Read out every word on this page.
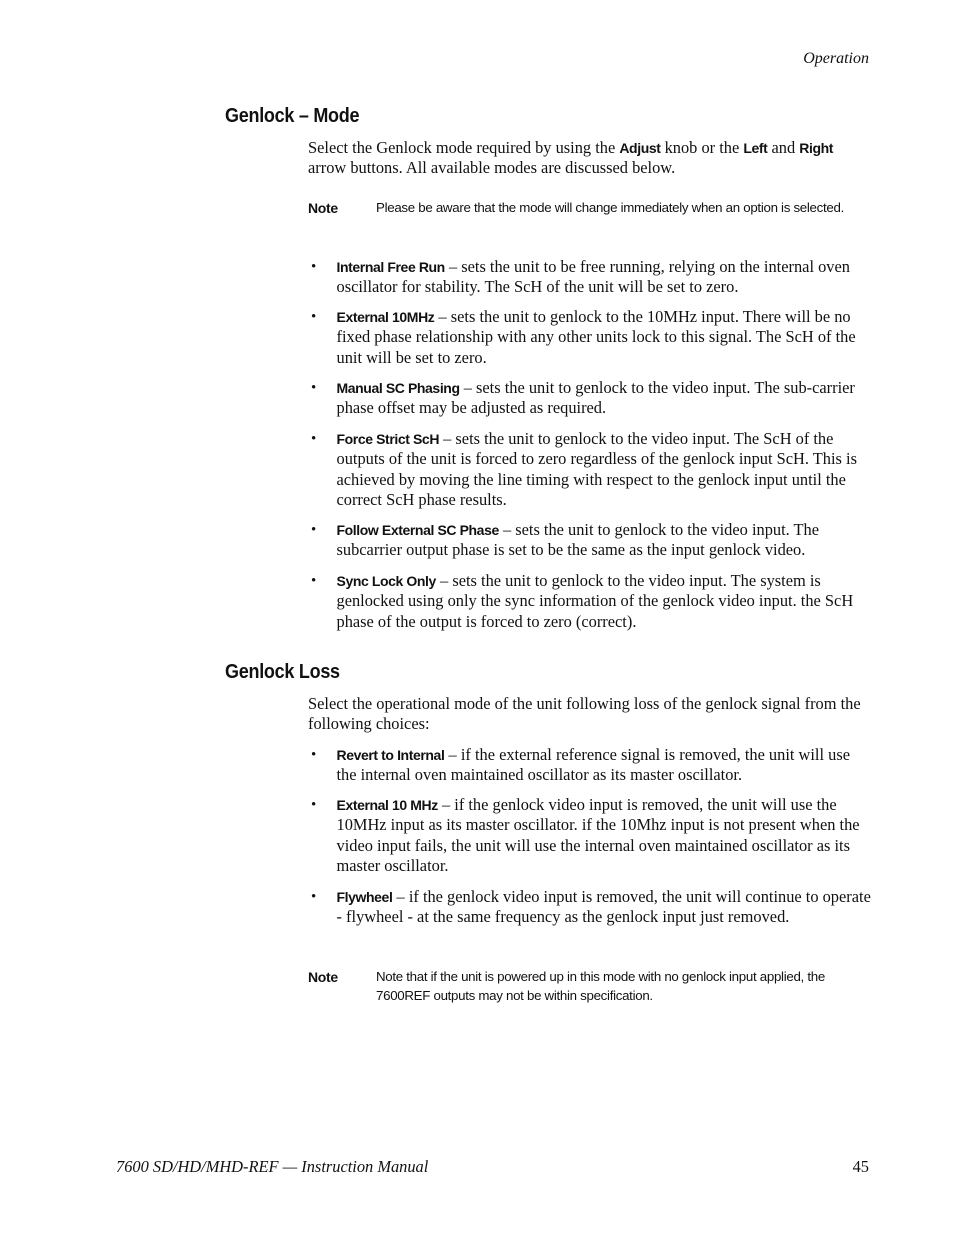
Operation
Genlock – Mode

Select the Genlock mode required by using the Adjust knob or the Left and Right arrow buttons. All available modes are discussed below.

Note	Please be aware that the mode will change immediately when an option is selected.
• Internal Free Run – sets the unit to be free running, relying on the internal oven oscillator for stability. The ScH of the unit will be set to zero.
• External 10MHz – sets the unit to genlock to the 10MHz input. There will be no fixed phase relationship with any other units lock to this signal. The ScH of the unit will be set to zero.
• Manual SC Phasing – sets the unit to genlock to the video input. The sub-carrier phase offset may be adjusted as required.
• Force Strict ScH – sets the unit to genlock to the video input. The ScH of the outputs of the unit is forced to zero regardless of the genlock input ScH. This is achieved by moving the line timing with respect to the genlock input until the correct ScH phase results.
• Follow External SC Phase – sets the unit to genlock to the video input. The subcarrier output phase is set to be the same as the input genlock video.
• Sync Lock Only – sets the unit to genlock to the video input. The system is genlocked using only the sync information of the genlock video input. the ScH phase of the output is forced to zero (correct).
Genlock Loss

Select the operational mode of the unit following loss of the genlock signal from the following choices:

• Revert to Internal – if the external reference signal is removed, the unit will use the internal oven maintained oscillator as its master oscillator.
• External 10 MHz – if the genlock video input is removed, the unit will use the 10MHz input as its master oscillator. if the 10Mhz input is not present when the video input fails, the unit will use the internal oven maintained oscillator as its master oscillator.
• Flywheel – if the genlock video input is removed, the unit will continue to operate - flywheel - at the same frequency as the genlock input just removed.
Note	Note that if the unit is powered up in this mode with no genlock input applied, the 7600REF outputs may not be within specification.
7600 SD/HD/MHD-REF — Instruction Manual	45
